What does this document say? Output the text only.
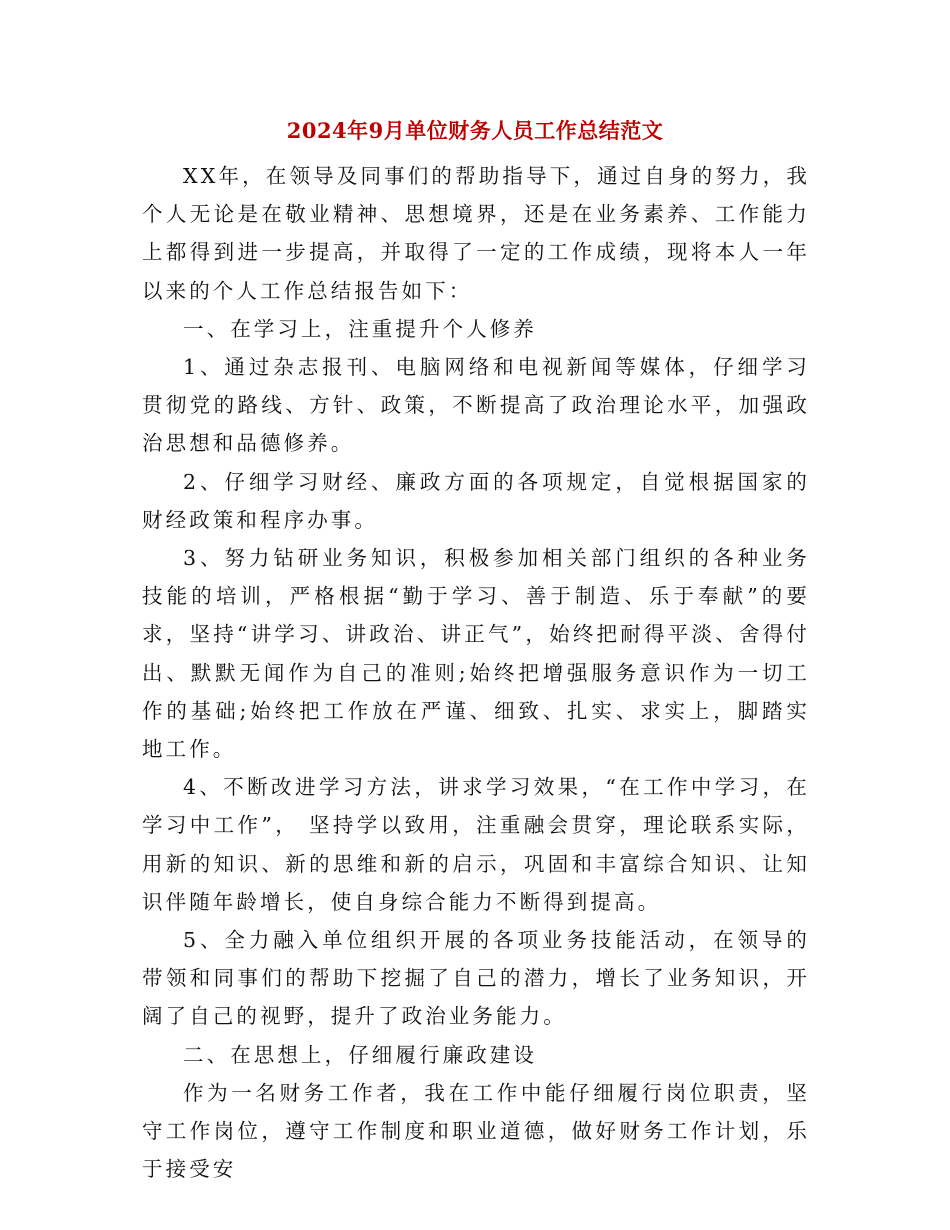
2024年9月单位财务人员工作总结范文

XX年，在领导及同事们的帮助指导下，通过自身的努力，我个人无论是在敬业精神、思想境界，还是在业务素养、工作能力上都得到进一步提高，并取得了一定的工作成绩，现将本人一年以来的个人工作总结报告如下：

一、在学习上，注重提升个人修养

1、通过杂志报刊、电脑网络和电视新闻等媒体，仔细学习贯彻党的路线、方针、政策，不断提高了政治理论水平，加强政治思想和品德修养。

2、仔细学习财经、廉政方面的各项规定，自觉根据国家的财经政策和程序办事。

3、努力钻研业务知识，积极参加相关部门组织的各种业务技能的培训，严格根据“勤于学习、善于制造、乐于奉献”的要求，坚持“讲学习、讲政治、讲正气”，始终把耐得平淡、舍得付出、默默无闻作为自己的准则;始终把增强服务意识作为一切工作的基础;始终把工作放在严谨、细致、扎实、求实上，脚踏实地工作。

4、不断改进学习方法，讲求学习效果，“在工作中学习，在学习中工作”， 坚持学以致用，注重融会贯穿，理论联系实际，用新的知识、新的思维和新的启示，巩固和丰富综合知识、让知识伴随年龄增长，使自身综合能力不断得到提高。

5、全力融入单位组织开展的各项业务技能活动，在领导的带领和同事们的帮助下挖掘了自己的潜力，增长了业务知识，开阔了自己的视野，提升了政治业务能力。

二、在思想上，仔细履行廉政建设

作为一名财务工作者，我在工作中能仔细履行岗位职责，坚守工作岗位，遵守工作制度和职业道德，做好财务工作计划，乐于接受安
